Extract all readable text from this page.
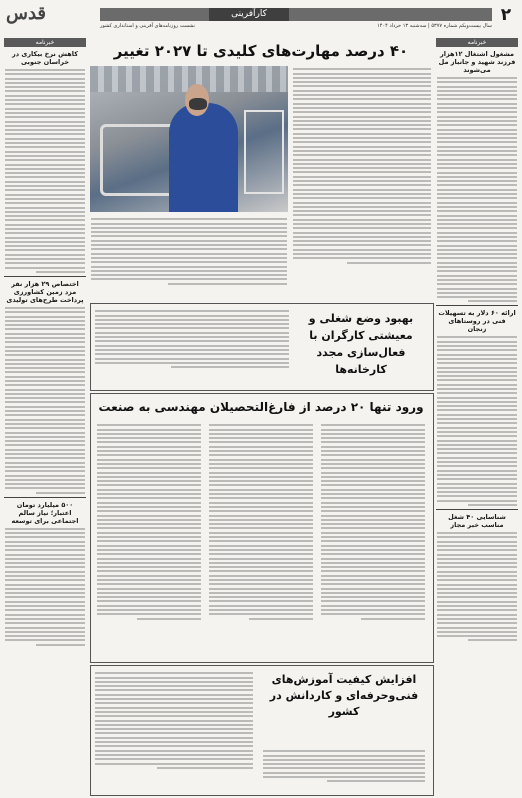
۲
کارآفرینی
قدس
سال بیست‌ویکم شماره ۵۳۷۷ | سه‌شنبه ۱۳ خرداد ۱۴۰۴
نشست روزنامه‌های آفرینی و استانداری کشور
خبرنامه
مشغول اشتغال ۱۲هزار فرزند شهید و جانباز مل می‌شوند
ارائه ۶۰ دلار به تسهیلات فنی در روستاهای زنجان
شناسایی ۴۰ شغل مناسب خبر مجاز
خبرنامه
کاهش نرخ بیکاری در خراسان جنوبی
اختصاص ۲۹ هزار نفر مزد زمین کشاورزی پرداخت طرح‌های تولیدی
۵۰۰ میلیارد تومان اعتبار؛ نیاز سالم اجتماعی برای توسعه
۴۰ درصد مهارت‌های کلیدی تا ۲۰۲۷ تغییر
بهبود وضع شغلی و معیشتی کارگران با فعال‌سازی مجدد کارخانه‌ها
ورود تنها ۲۰ درصد از فارغ‌التحصیلان مهندسی به صنعت
افزایش کیفیت آموزش‌های فنی‌وحرفه‌ای و کاردانش در کشور
